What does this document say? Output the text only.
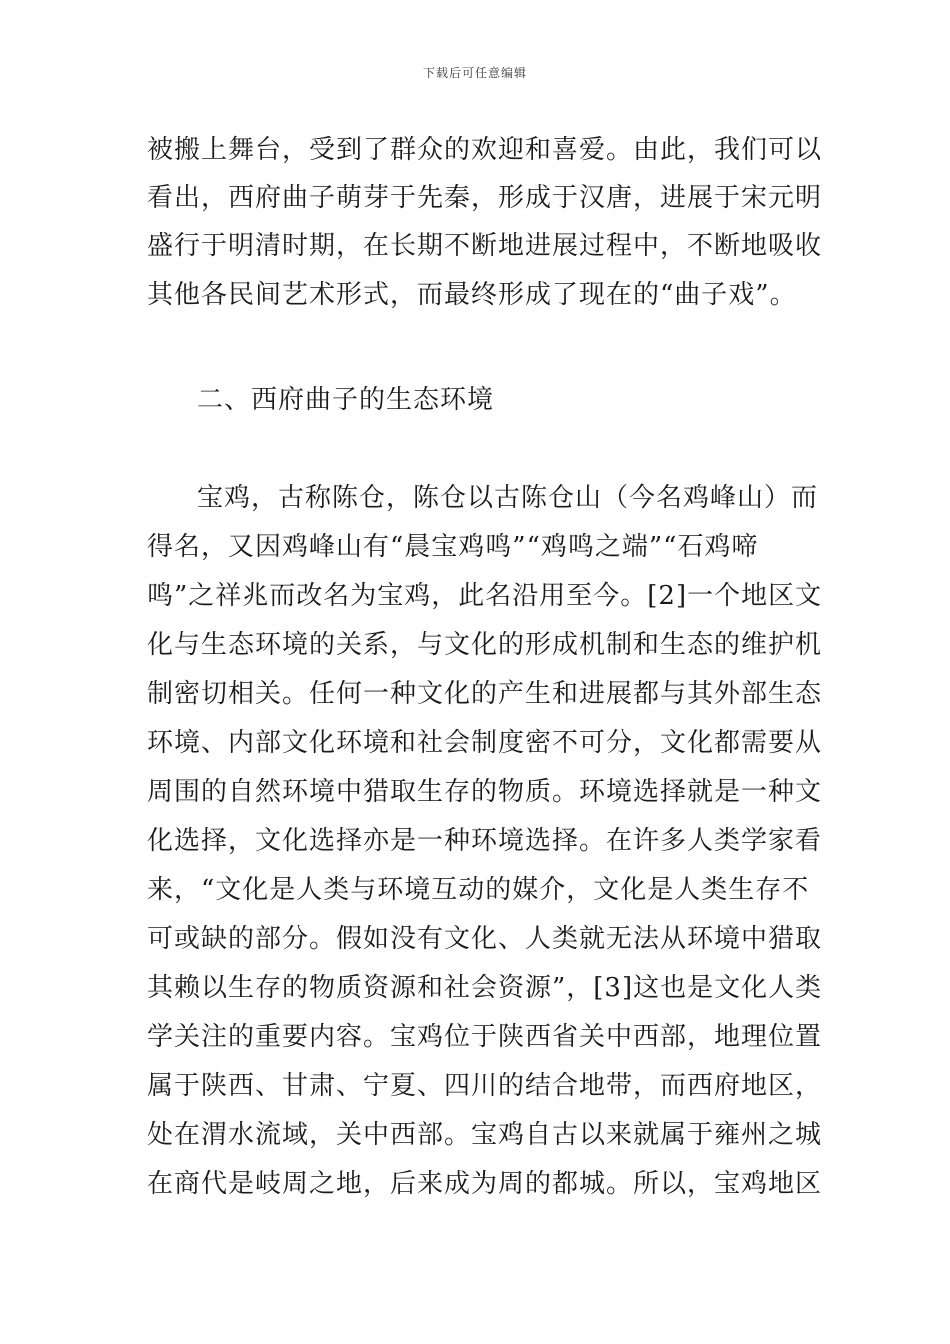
下载后可任意编辑
被搬上舞台，受到了群众的欢迎和喜爱。由此，我们可以
看出，西府曲子萌芽于先秦，形成于汉唐，进展于宋元明
盛行于明清时期，在长期不断地进展过程中，不断地吸收
其他各民间艺术形式，而最终形成了现在的“曲子戏”。
二、西府曲子的生态环境
宝鸡，古称陈仓，陈仓以古陈仓山（今名鸡峰山）而
得名，又因鸡峰山有“晨宝鸡鸣”“鸡鸣之端”“石鸡啼
鸣”之祥兆而改名为宝鸡，此名沿用至今。[2]一个地区文
化与生态环境的关系，与文化的形成机制和生态的维护机
制密切相关。任何一种文化的产生和进展都与其外部生态
环境、内部文化环境和社会制度密不可分，文化都需要从
周围的自然环境中猎取生存的物质。环境选择就是一种文
化选择，文化选择亦是一种环境选择。在许多人类学家看
来，“文化是人类与环境互动的媒介，文化是人类生存不
可或缺的部分。假如没有文化、人类就无法从环境中猎取
其赖以生存的物质资源和社会资源”，[3]这也是文化人类
学关注的重要内容。宝鸡位于陕西省关中西部，地理位置
属于陕西、甘肃、宁夏、四川的结合地带，而西府地区，
处在渭水流域，关中西部。宝鸡自古以来就属于雍州之城
在商代是岐周之地，后来成为周的都城。所以，宝鸡地区
